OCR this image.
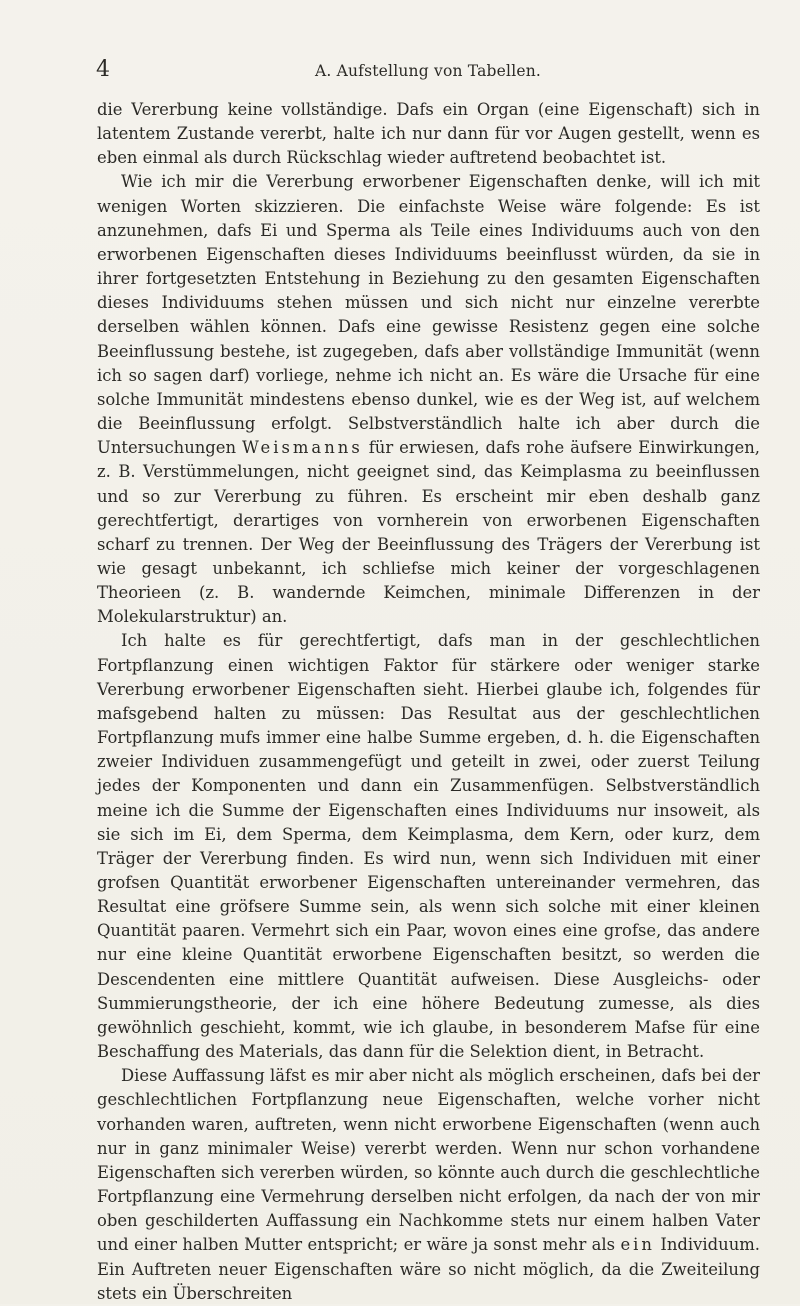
4	A. Aufstellung von Tabellen.

die Vererbung keine vollständige. Dafs ein Organ (eine Eigenschaft) sich in latentem Zustande vererbt, halte ich nur dann für vor Augen gestellt, wenn es eben einmal als durch Rückschlag wieder auftretend beobachtet ist.

Wie ich mir die Vererbung erworbener Eigenschaften denke, will ich mit wenigen Worten skizzieren. Die einfachste Weise wäre folgende: Es ist anzunehmen, dafs Ei und Sperma als Teile eines Individuums auch von den erworbenen Eigenschaften dieses Individuums beeinflusst würden, da sie in ihrer fortgesetzten Entstehung in Beziehung zu den gesamten Eigenschaften dieses Individuums stehen müssen und sich nicht nur einzelne vererbte derselben wählen können. Dafs eine gewisse Resistenz gegen eine solche Beeinflussung bestehe, ist zugegeben, dafs aber vollständige Immunität (wenn ich so sagen darf) vorliege, nehme ich nicht an. Es wäre die Ursache für eine solche Immunität mindestens ebenso dunkel, wie es der Weg ist, auf welchem die Beeinflussung erfolgt. Selbstverständlich halte ich aber durch die Untersuchungen Weismanns für erwiesen, dafs rohe äufsere Einwirkungen, z. B. Verstümmelungen, nicht geeignet sind, das Keimplasma zu beeinflussen und so zur Vererbung zu führen. Es erscheint mir eben deshalb ganz gerechtfertigt, derartiges von vornherein von erworbenen Eigenschaften scharf zu trennen. Der Weg der Beeinflussung des Trägers der Vererbung ist wie gesagt unbekannt, ich schliefse mich keiner der vorgeschlagenen Theorieen (z. B. wandernde Keimchen, minimale Differenzen in der Molekularstruktur) an.

Ich halte es für gerechtfertigt, dafs man in der geschlechtlichen Fortpflanzung einen wichtigen Faktor für stärkere oder weniger starke Vererbung erworbener Eigenschaften sieht. Hierbei glaube ich, folgendes für mafsgebend halten zu müssen: Das Resultat aus der geschlechtlichen Fortpflanzung mufs immer eine halbe Summe ergeben, d. h. die Eigenschaften zweier Individuen zusammengefügt und geteilt in zwei, oder zuerst Teilung jedes der Komponenten und dann ein Zusammenfügen. Selbstverständlich meine ich die Summe der Eigenschaften eines Individuums nur insoweit, als sie sich im Ei, dem Sperma, dem Keimplasma, dem Kern, oder kurz, dem Träger der Vererbung finden. Es wird nun, wenn sich Individuen mit einer grofsen Quantität erworbener Eigenschaften untereinander vermehren, das Resultat eine gröfsere Summe sein, als wenn sich solche mit einer kleinen Quantität paaren. Vermehrt sich ein Paar, wovon eines eine grofse, das andere nur eine kleine Quantität erworbene Eigenschaften besitzt, so werden die Descendenten eine mittlere Quantität aufweisen. Diese Ausgleichs- oder Summierungstheorie, der ich eine höhere Bedeutung zumesse, als dies gewöhnlich geschieht, kommt, wie ich glaube, in besonderem Mafse für eine Beschaffung des Materials, das dann für die Selektion dient, in Betracht.

Diese Auffassung läfst es mir aber nicht als möglich erscheinen, dafs bei der geschlechtlichen Fortpflanzung neue Eigenschaften, welche vorher nicht vorhanden waren, auftreten, wenn nicht erworbene Eigenschaften (wenn auch nur in ganz minimaler Weise) vererbt werden. Wenn nur schon vorhandene Eigenschaften sich vererben würden, so könnte auch durch die geschlechtliche Fortpflanzung eine Vermehrung derselben nicht erfolgen, da nach der von mir oben geschilderten Auffassung ein Nachkomme stets nur einem halben Vater und einer halben Mutter entspricht; er wäre ja sonst mehr als ein Individuum. Ein Auftreten neuer Eigenschaften wäre so nicht möglich, da die Zweiteilung stets ein Überschreiten
